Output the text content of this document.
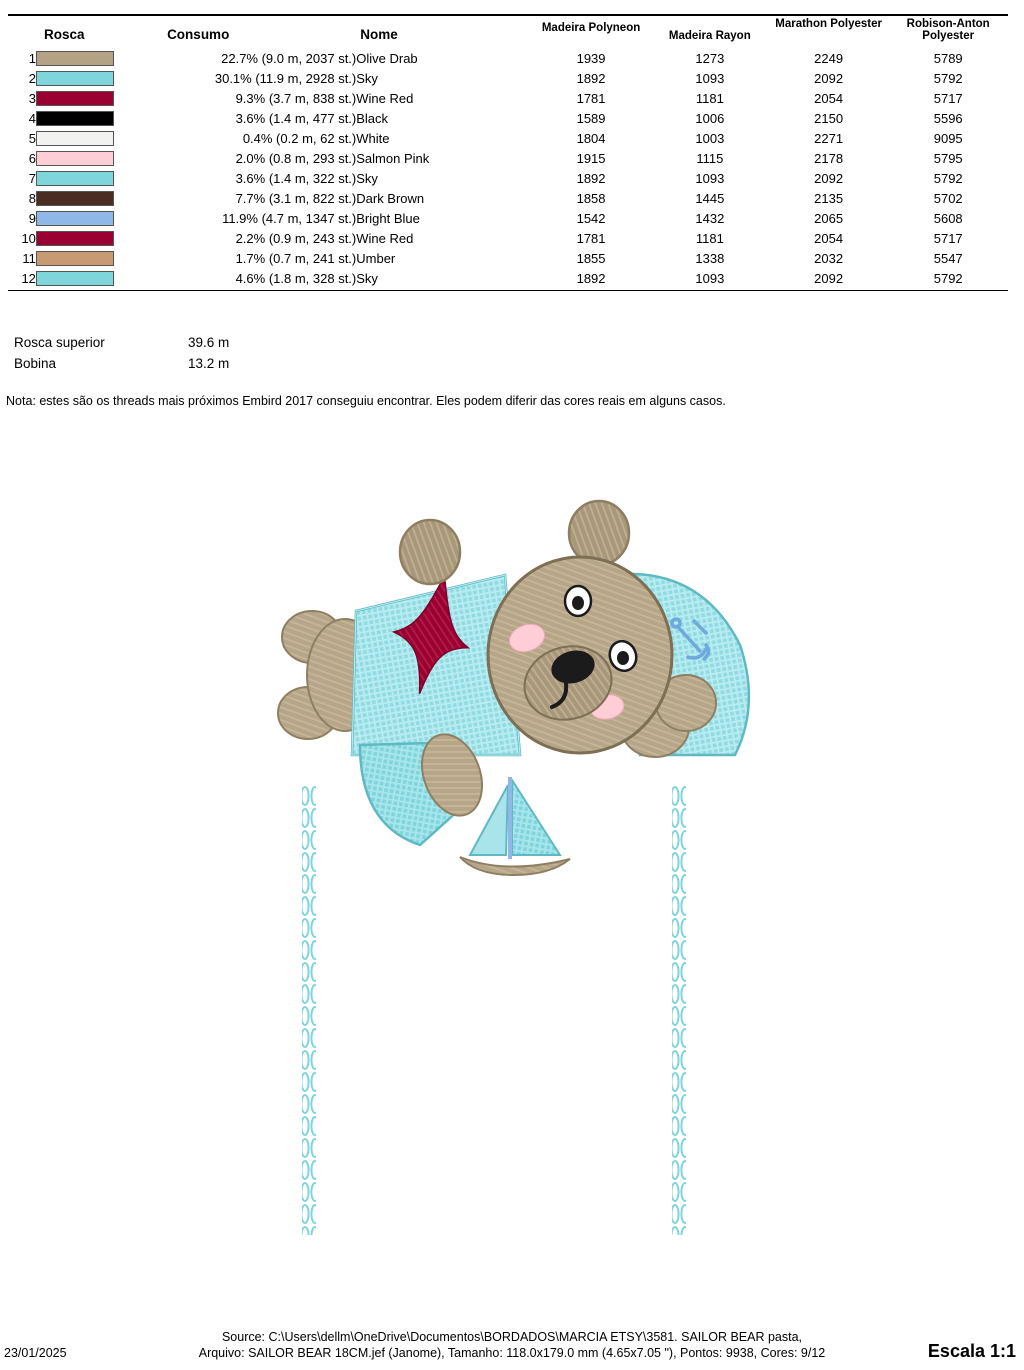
Rosca		Consumo	Nome	Madeira Polyneon	Madeira Rayon	Marathon Polyester	Robison-Anton Polyester
1		22.7% (9.0 m, 2037 st.)	Olive Drab	1939	1273	2249	5789
2		30.1% (11.9 m, 2928 st.)	Sky	1892	1093	2092	5792
3		9.3% (3.7 m, 838 st.)	Wine Red	1781	1181	2054	5717
4		3.6% (1.4 m, 477 st.)	Black	1589	1006	2150	5596
5		0.4% (0.2 m, 62 st.)	White	1804	1003	2271	9095
6		2.0% (0.8 m, 293 st.)	Salmon Pink	1915	1115	2178	5795
7		3.6% (1.4 m, 322 st.)	Sky	1892	1093	2092	5792
8		7.7% (3.1 m, 822 st.)	Dark Brown	1858	1445	2135	5702
9		11.9% (4.7 m, 1347 st.)	Bright Blue	1542	1432	2065	5608
10		2.2% (0.9 m, 243 st.)	Wine Red	1781	1181	2054	5717
11		1.7% (0.7 m, 241 st.)	Umber	1855	1338	2032	5547
12		4.6% (1.8 m, 328 st.)	Sky	1892	1093	2092	5792
Rosca superior	39.6 m
Bobina	13.2 m
Nota: estes são os threads mais próximos Embird 2017 conseguiu encontrar. Eles podem diferir das cores reais em alguns casos.
23/01/2025
Source: C:\Users\dellm\OneDrive\Documentos\BORDADOS\MARCIA ETSY\3581. SAILOR BEAR pasta,
Arquivo: SAILOR BEAR 18CM.jef (Janome), Tamanho: 118.0x179.0 mm (4.65x7.05 "), Pontos: 9938, Cores: 9/12	Escala 1:1
